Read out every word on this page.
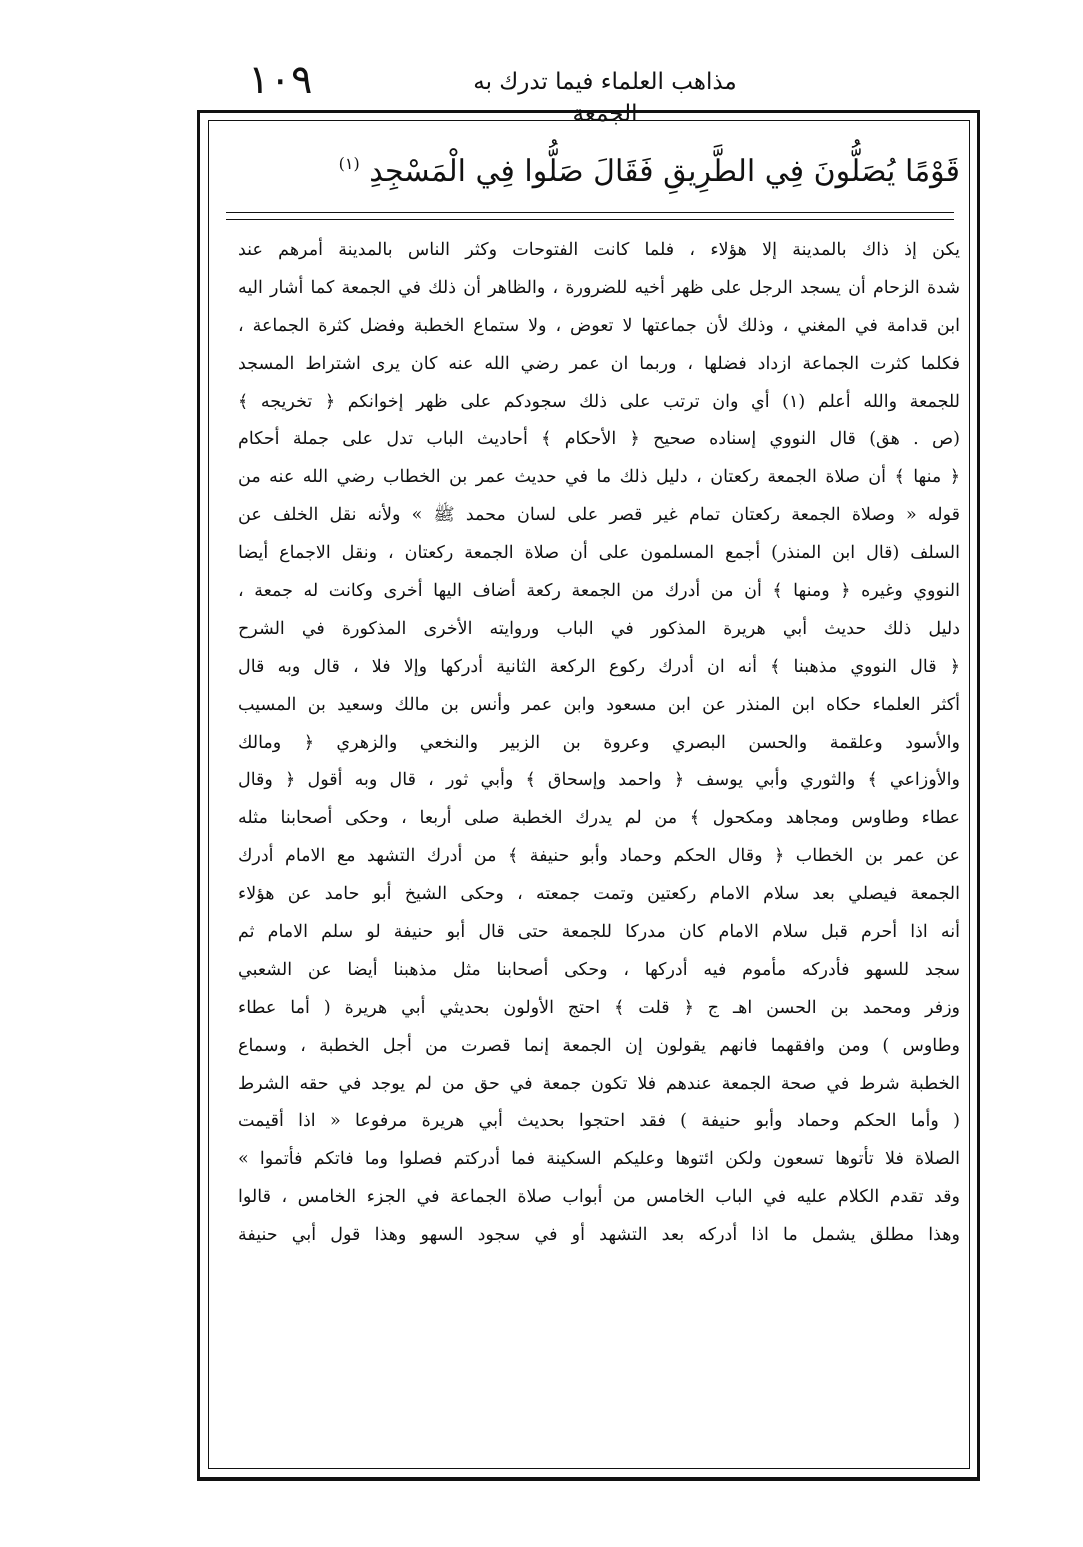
١٠٩	مذاهب العلماء فيما تدرك به الجمعة
قَوْمًا يُصَلُّونَ فِي الطَّرِيقِ فَقَالَ صَلُّوا فِي الْمَسْجِدِ $^{(١)}$
يكن إذ ذاك بالمدينة إلا هؤلاء ، فلما كانت الفتوحات وكثر الناس بالمدينة أمرهم عند
شدة الزحام أن يسجد الرجل على ظهر أخيه للضرورة ، والظاهر أن ذلك في الجمعة كما أشار اليه
ابن قدامة في المغني ، وذلك لأن جماعتها لا تعوض ، ولا ستماع الخطبة وفضل كثرة الجماعة ،
فكلما كثرت الجماعة ازداد فضلها ، وربما ان عمر رضي الله عنه كان يرى اشتراط المسجد
للجمعة والله أعلم (١) أي وان ترتب على ذلك سجودكم على ظهر إخوانكم ﴿ تخريجه ﴾
(ص . هق) قال النووي إسناده صحيح ﴿ الأحكام ﴾ أحاديث الباب تدل على جملة أحكام
﴿ منها ﴾ أن صلاة الجمعة ركعتان ، دليل ذلك ما في حديث عمر بن الخطاب رضي الله عنه من
قوله « وصلاة الجمعة ركعتان تمام غير قصر على لسان محمد ﷺ » ولأنه نقل الخلف عن
السلف (قال ابن المنذر) أجمع المسلمون على أن صلاة الجمعة ركعتان ، ونقل الاجماع أيضا
النووي وغيره ﴿ ومنها ﴾ أن من أدرك من الجمعة ركعة أضاف اليها أخرى وكانت له جمعة ،
دليل ذلك حديث أبي هريرة المذكور في الباب وروايته الأخرى المذكورة في الشرح
﴿ قال النووي مذهبنا ﴾ أنه ان أدرك ركوع الركعة الثانية أدركها وإلا فلا ، قال وبه قال
أكثر العلماء حكاه ابن المنذر عن ابن مسعود وابن عمر وأنس بن مالك وسعيد بن المسيب
والأسود وعلقمة والحسن البصري وعروة بن الزبير والنخعي والزهري ﴿ ومالك
والأوزاعي ﴾ والثوري وأبي يوسف ﴿ واحمد وإسحاق ﴾ وأبي ثور ، قال وبه أقول ﴿ وقال
عطاء وطاوس ومجاهد ومكحول ﴾ من لم يدرك الخطبة صلى أربعا ، وحكى أصحابنا مثله
عن عمر بن الخطاب ﴿ وقال الحكم وحماد وأبو حنيفة ﴾ من أدرك التشهد مع الامام أدرك
الجمعة فيصلي بعد سلام الامام ركعتين وتمت جمعته ، وحكى الشيخ أبو حامد عن هؤلاء
أنه اذا أحرم قبل سلام الامام كان مدركا للجمعة حتى قال أبو حنيفة لو سلم الامام ثم
سجد للسهو فأدركه مأموم فيه أدركها ، وحكى أصحابنا مثل مذهبنا أيضا عن الشعبي
وزفر ومحمد بن الحسن اهـ ج ﴿ قلت ﴾ احتج الأولون بحديثي أبي هريرة ( أما عطاء
وطاوس ) ومن وافقهما فانهم يقولون إن الجمعة إنما قصرت من أجل الخطبة ، وسماع
الخطبة شرط في صحة الجمعة عندهم فلا تكون جمعة في حق من لم يوجد في حقه الشرط
( وأما الحكم وحماد وأبو حنيفة ) فقد احتجوا بحديث أبي هريرة مرفوعا « اذا أقيمت
الصلاة فلا تأتوها تسعون ولكن ائتوها وعليكم السكينة فما أدركتم فصلوا وما فاتكم فأتموا »
وقد تقدم الكلام عليه في الباب الخامس من أبواب صلاة الجماعة في الجزء الخامس ، قالوا
وهذا مطلق يشمل ما اذا أدركه بعد التشهد أو في سجود السهو وهذا قول أبي حنيفة
